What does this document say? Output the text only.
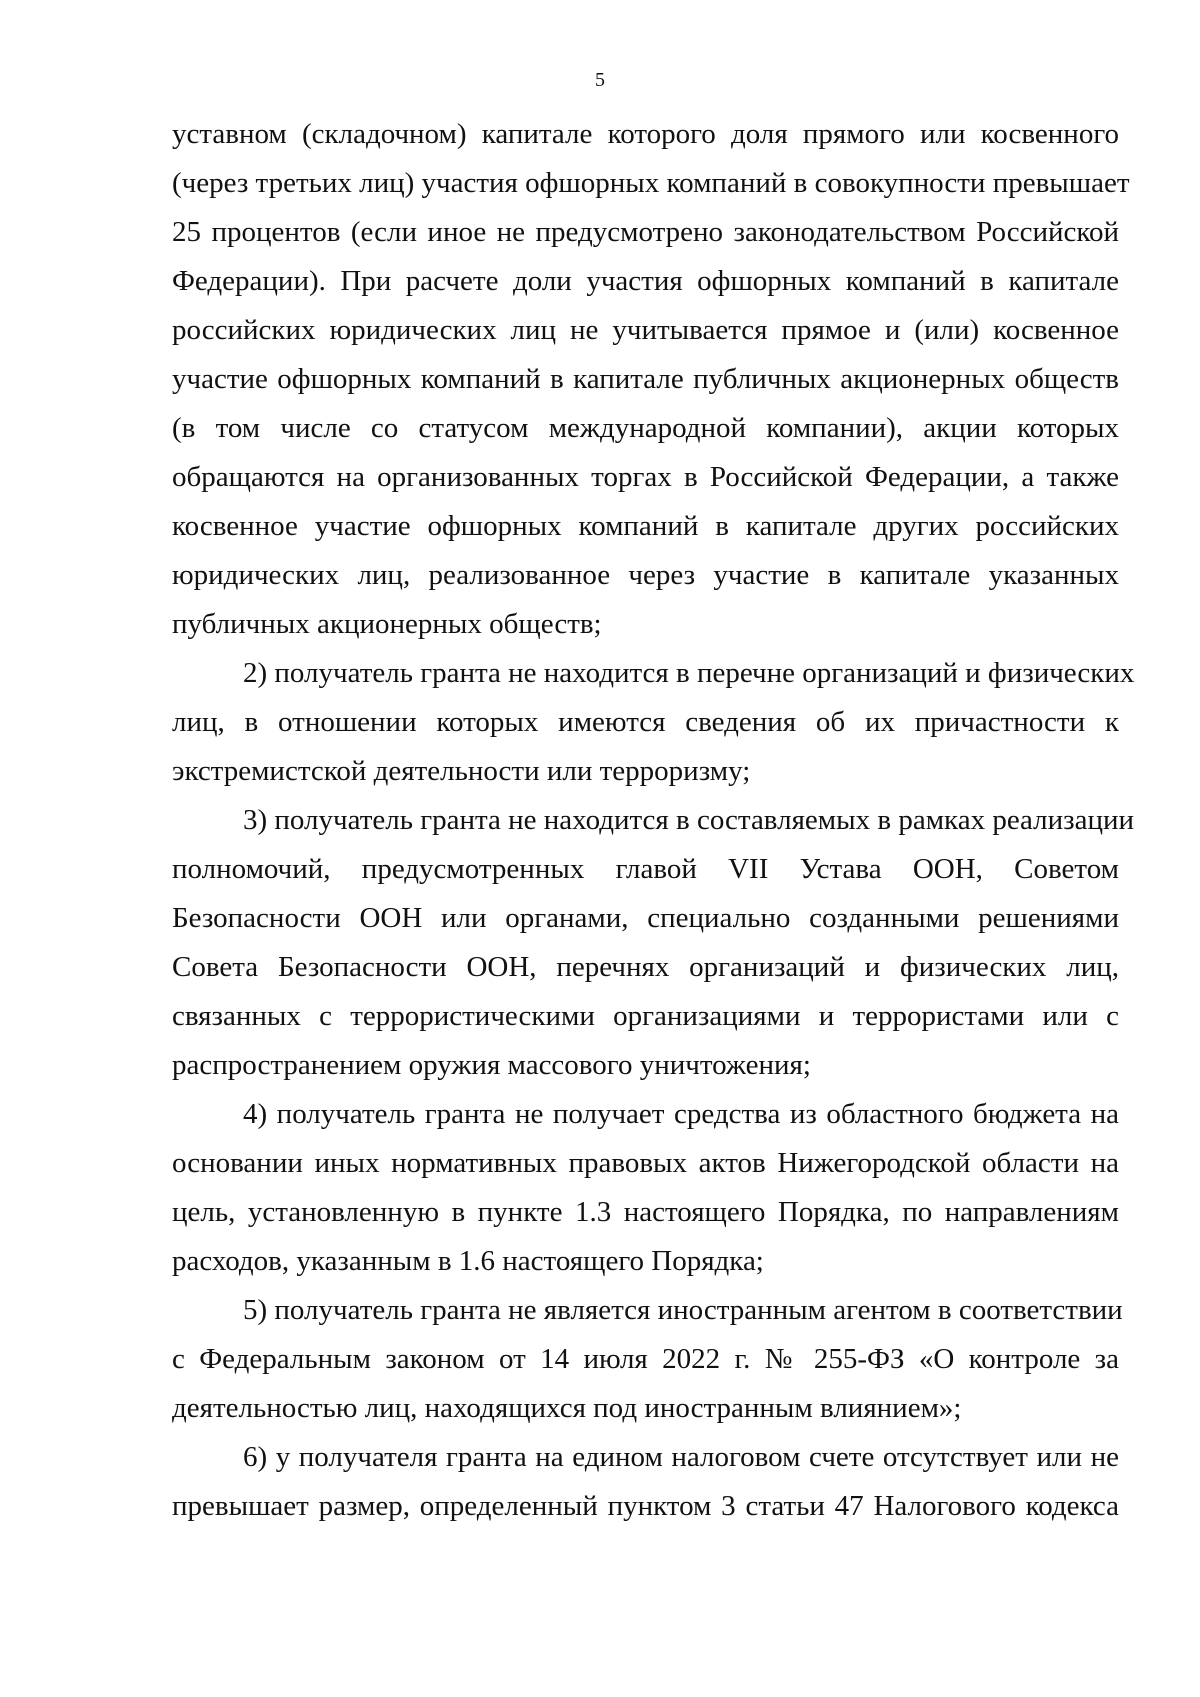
5
уставном (складочном) капитале которого доля прямого или косвенного
(через третьих лиц) участия офшорных компаний в совокупности превышает
25 процентов (если иное не предусмотрено законодательством Российской
Федерации). При расчете доли участия офшорных компаний в капитале
российских юридических лиц не учитывается прямое и (или) косвенное
участие офшорных компаний в капитале публичных акционерных обществ
(в том числе со статусом международной компании), акции которых
обращаются на организованных торгах в Российской Федерации, а также
косвенное участие офшорных компаний в капитале других российских
юридических лиц, реализованное через участие в капитале указанных
публичных акционерных обществ;
2) получатель гранта не находится в перечне организаций и физических
лиц, в отношении которых имеются сведения об их причастности к
экстремистской деятельности или терроризму;
3) получатель гранта не находится в составляемых в рамках реализации
полномочий, предусмотренных главой VII Устава ООН, Советом
Безопасности ООН или органами, специально созданными решениями
Совета Безопасности ООН, перечнях организаций и физических лиц,
связанных с террористическими организациями и террористами или с
распространением оружия массового уничтожения;
4) получатель гранта не получает средства из областного бюджета на
основании иных нормативных правовых актов Нижегородской области на
цель, установленную в пункте 1.3 настоящего Порядка, по направлениям
расходов, указанным в 1.6 настоящего Порядка;
5) получатель гранта не является иностранным агентом в соответствии
с Федеральным законом от 14 июля 2022 г. № 255-ФЗ «О контроле за
деятельностью лиц, находящихся под иностранным влиянием»;
6) у получателя гранта на едином налоговом счете отсутствует или не
превышает размер, определенный пунктом 3 статьи 47 Налогового кодекса
